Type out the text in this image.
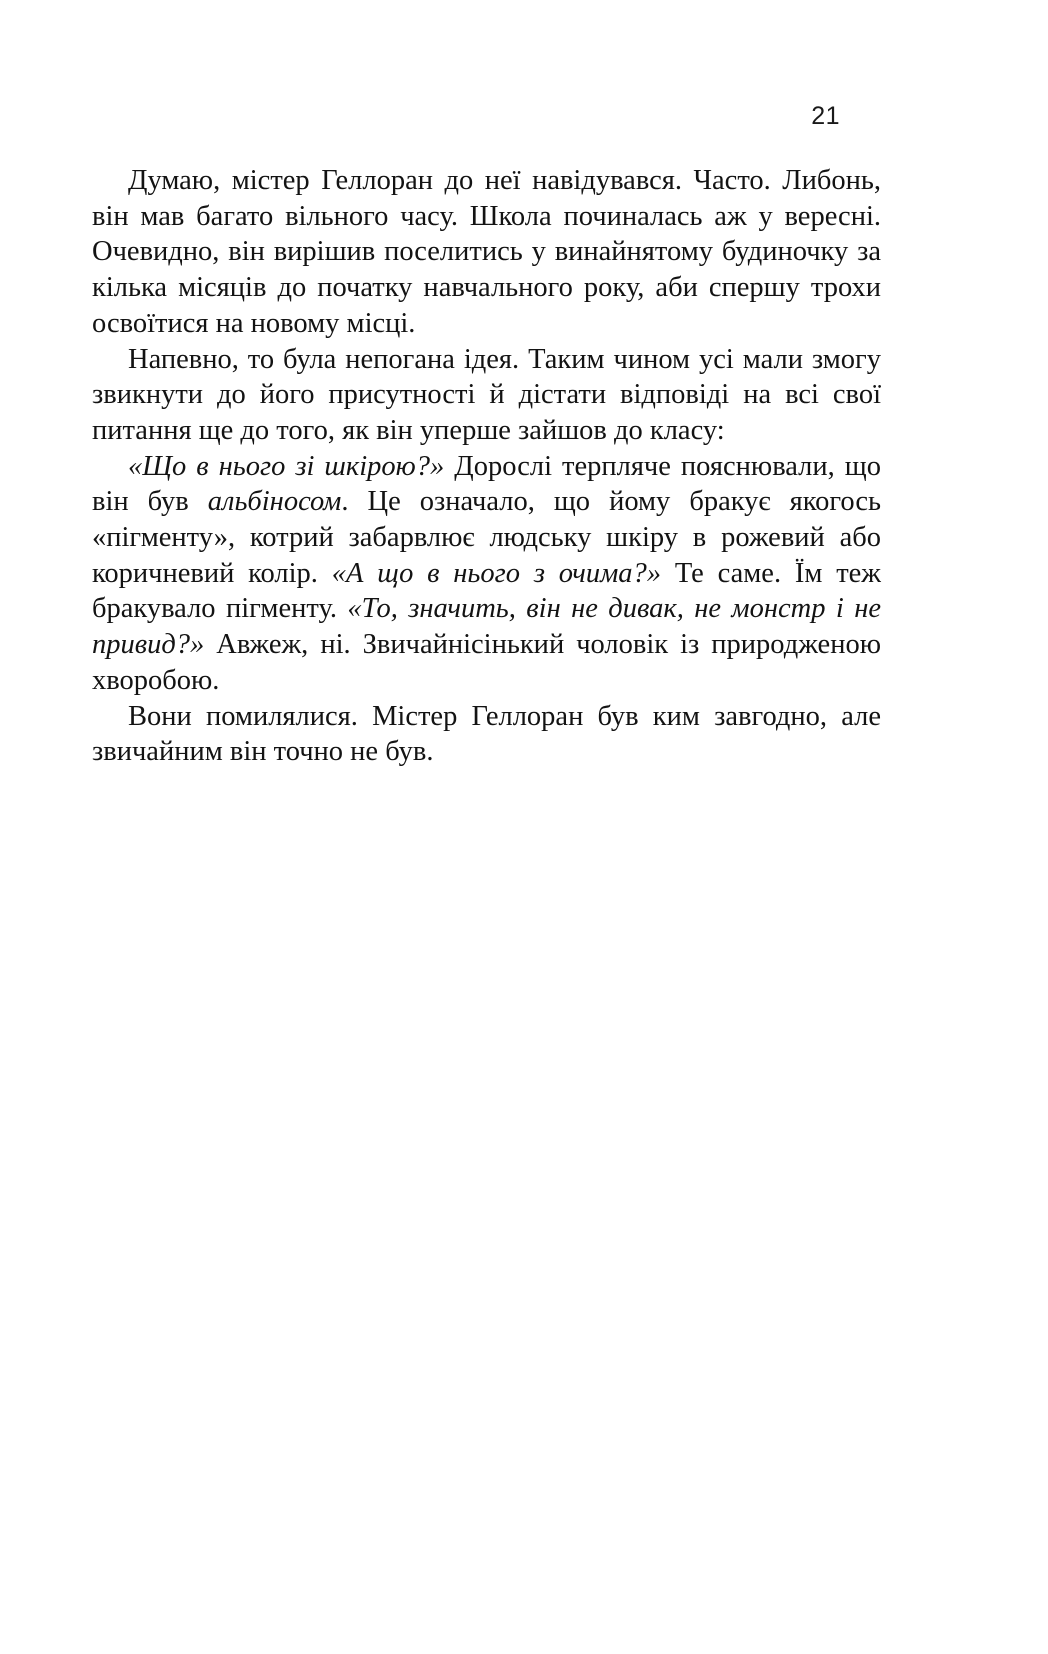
21

Думаю, містер Геллоран до неї навідувався. Часто. Либонь, він мав багато вільного часу. Школа починалась аж у вересні. Очевидно, він вирішив поселитись у винайнятому будиночку за кілька місяців до початку навчального року, аби спершу трохи освоїтися на новому місці.

Напевно, то була непогана ідея. Таким чином усі мали змогу звикнути до його присутності й дістати відповіді на всі свої питання ще до того, як він уперше зайшов до класу:

«Що в нього зі шкірою?» Дорослі терпляче пояснювали, що він був альбіносом. Це означало, що йому бракує якогось «пігменту», котрий забарвлює людську шкіру в рожевий або коричневий колір. «А що в нього з очима?» Те саме. Їм теж бракувало пігменту. «То, значить, він не дивак, не монстр і не привид?» Авжеж, ні. Звичайнісінький чоловік із природженою хворобою.

Вони помилялися. Містер Геллоран був ким завгодно, але звичайним він точно не був.
